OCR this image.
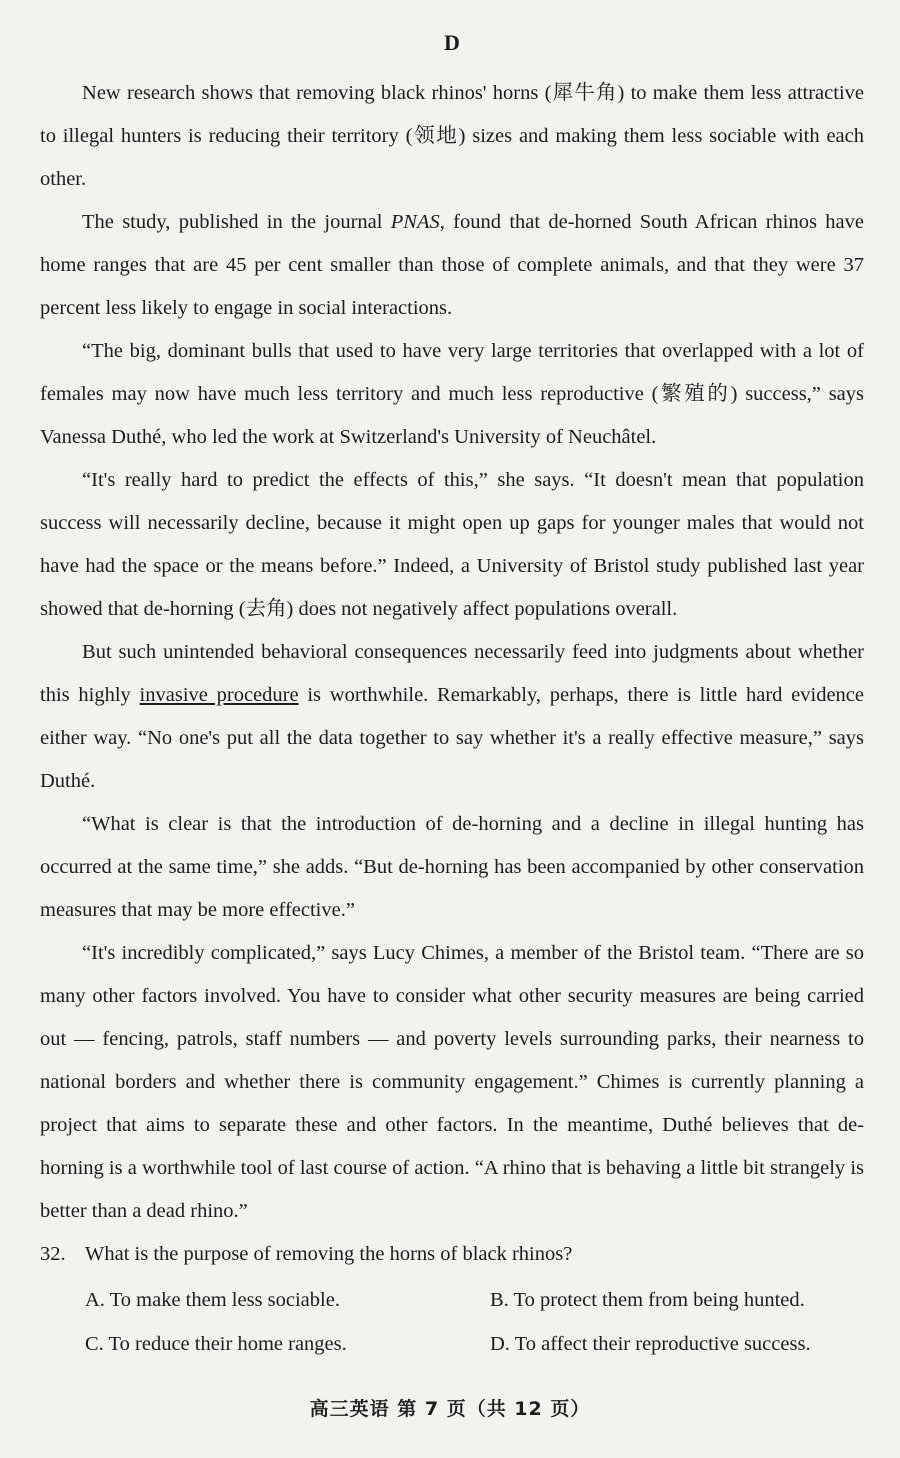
D

New research shows that removing black rhinos' horns (犀牛角) to make them less attractive to illegal hunters is reducing their territory (领地) sizes and making them less sociable with each other.

The study, published in the journal PNAS, found that de-horned South African rhinos have home ranges that are 45 per cent smaller than those of complete animals, and that they were 37 percent less likely to engage in social interactions.

“The big, dominant bulls that used to have very large territories that overlapped with a lot of females may now have much less territory and much less reproductive (繁殖的) success,” says Vanessa Duthé, who led the work at Switzerland's University of Neuchâtel.

“It's really hard to predict the effects of this,” she says. “It doesn't mean that population success will necessarily decline, because it might open up gaps for younger males that would not have had the space or the means before.” Indeed, a University of Bristol study published last year showed that de-horning (去角) does not negatively affect populations overall.

But such unintended behavioral consequences necessarily feed into judgments about whether this highly invasive procedure is worthwhile. Remarkably, perhaps, there is little hard evidence either way. “No one's put all the data together to say whether it's a really effective measure,” says Duthé.

“What is clear is that the introduction of de-horning and a decline in illegal hunting has occurred at the same time,” she adds. “But de-horning has been accompanied by other conservation measures that may be more effective.”

“It's incredibly complicated,” says Lucy Chimes, a member of the Bristol team. “There are so many other factors involved. You have to consider what other security measures are being carried out — fencing, patrols, staff numbers — and poverty levels surrounding parks, their nearness to national borders and whether there is community engagement.” Chimes is currently planning a project that aims to separate these and other factors. In the meantime, Duthé believes that de-horning is a worthwhile tool of last course of action. “A rhino that is behaving a little bit strangely is better than a dead rhino.”

32. What is the purpose of removing the horns of black rhinos?

A. To make them less sociable.	B. To protect them from being hunted.
C. To reduce their home ranges.	D. To affect their reproductive success.
高三英语 第 7 页（共 12 页）
